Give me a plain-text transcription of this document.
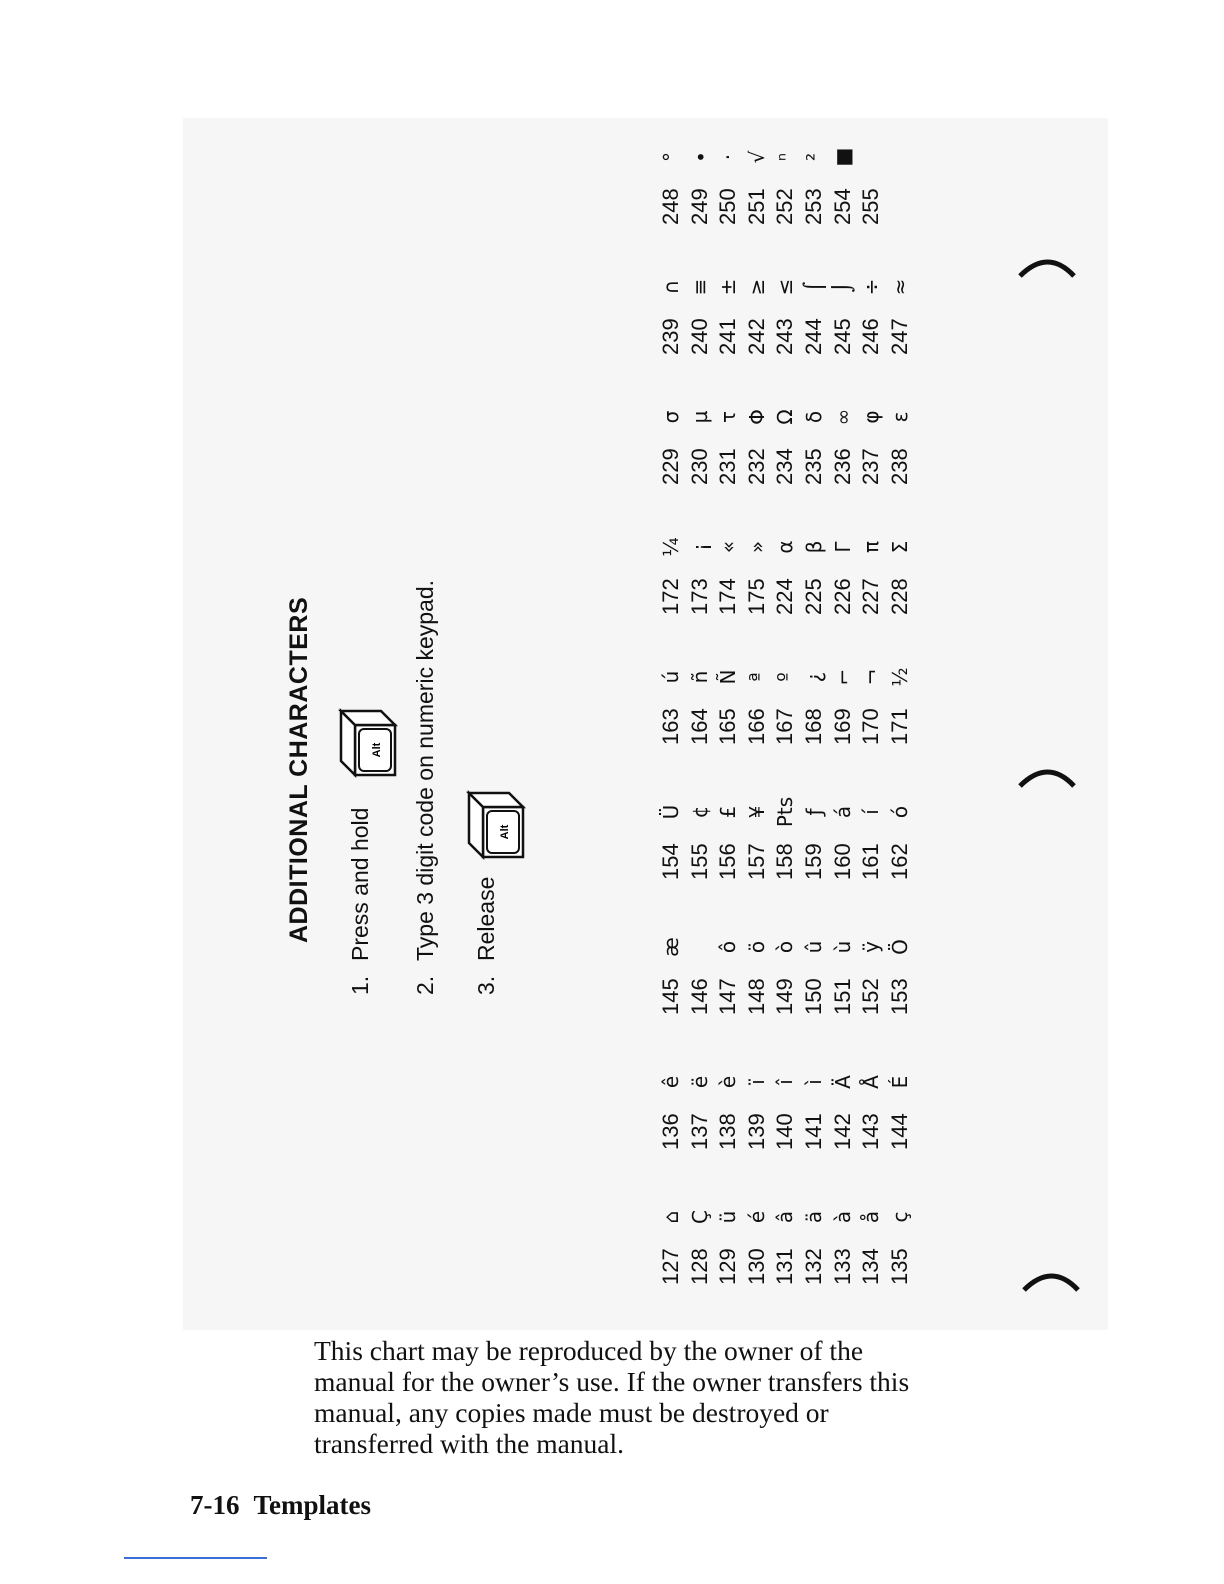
ADDITIONAL CHARACTERS
1.Press and hold
2.Type 3 digit code on numeric keypad.
3.Release
Alt
Alt
127⌂
128Ç
129ü
130é
131â
132ä
133à
134å
135ç
136ê
137ë
138è
139ï
140î
141ì
142Ä
143Å
144É
145æ
146 147ô
148ö
149ò
150û
151ù
152ÿ
153Ö
154Ü
155¢
156£
157¥
158Pts
159ƒ
160á
161í
162ó
163ú
164ñ
165Ñ
166ª
167º
168¿
169⌐
170¬
171½
172¼
173¡
174«
175»
224α
225β
226Γ
227π
228Σ
229σ
230µ
231τ
232Φ
234Ω
235δ
236∞
237φ
238ε
239∩
240≡
241±
242≥
243≤
244⌠
245⌡
246÷
247≈
248°
249∙
250·
251√
252ⁿ
253²
254■
255
This chart may be reproduced by the owner of the
manual for the owner’s use. If the owner transfers this
manual, any copies made must be destroyed or
transferred with the manual.
7-16 Templates
